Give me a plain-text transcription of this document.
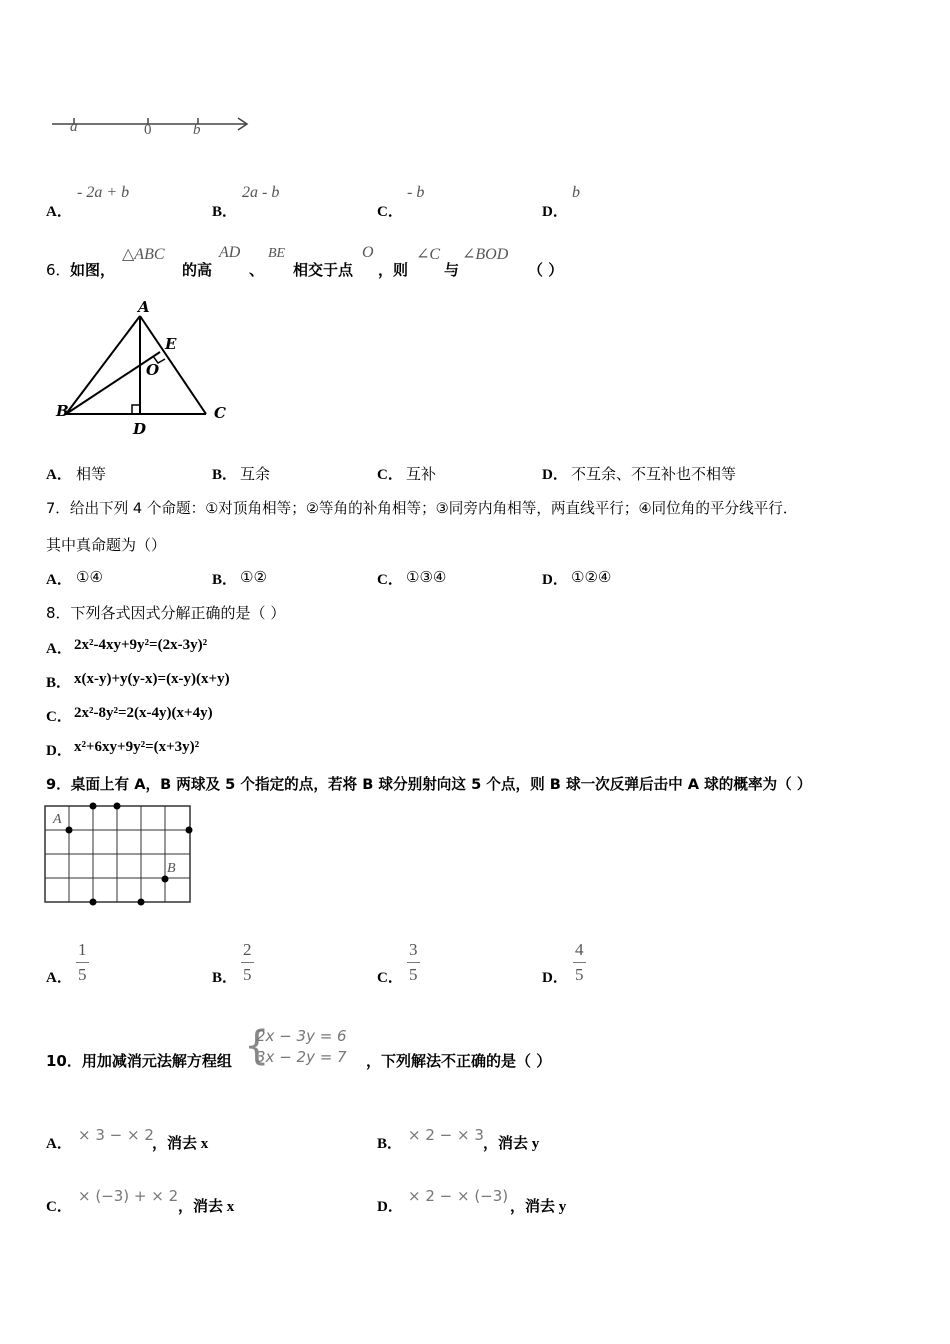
a	0	b
A．
- 2a + b
B．
2a - b
C．
- b
D．
b
6． 如图，
△ABC
的高
AD
、
BE
相交于点
O
，则
∠C
与
∠BOD
（ ）
A
E
O
B	C
D
A． 相等	B． 互余	C． 互补	D． 不互余、不互补也不相等
7．给出下列 4 个命题：①对顶角相等；②等角的补角相等；③同旁内角相等，两直线平行；④同位角的平分线平行．
其中真命题为（）
A． ①④	B． ①②	C． ①③④	D． ①②④
8．下列各式因式分解正确的是（ ）
A． 2x²-4xy+9y²=(2x-3y)²
B． x(x-y)+y(y-x)=(x-y)(x+y)
C． 2x²-8y²=2(x-4y)(x+4y)
D． x²+6xy+9y²=(x+3y)²
9．桌面上有 A，B 两球及 5 个指定的点，若将 B 球分别射向这 5 个点，则 B 球一次反弹后击中 A 球的概率为（ ）
A
B
A． $\frac{1}{5}$	B． $\frac{2}{5}$	C． $\frac{3}{5}$	D． $\frac{4}{5}$
10．用加减消元法解方程组 {
2x − 3y = 6
3x − 2y = 7 ，下列解法不正确的是（ ）
A． × 3 − × 2
，消去 x	B． × 2 − × 3 ，消去 y
C．
× (−3) + × 2
，消去 x	D．
× 2 − × (−3)
，消去 y
